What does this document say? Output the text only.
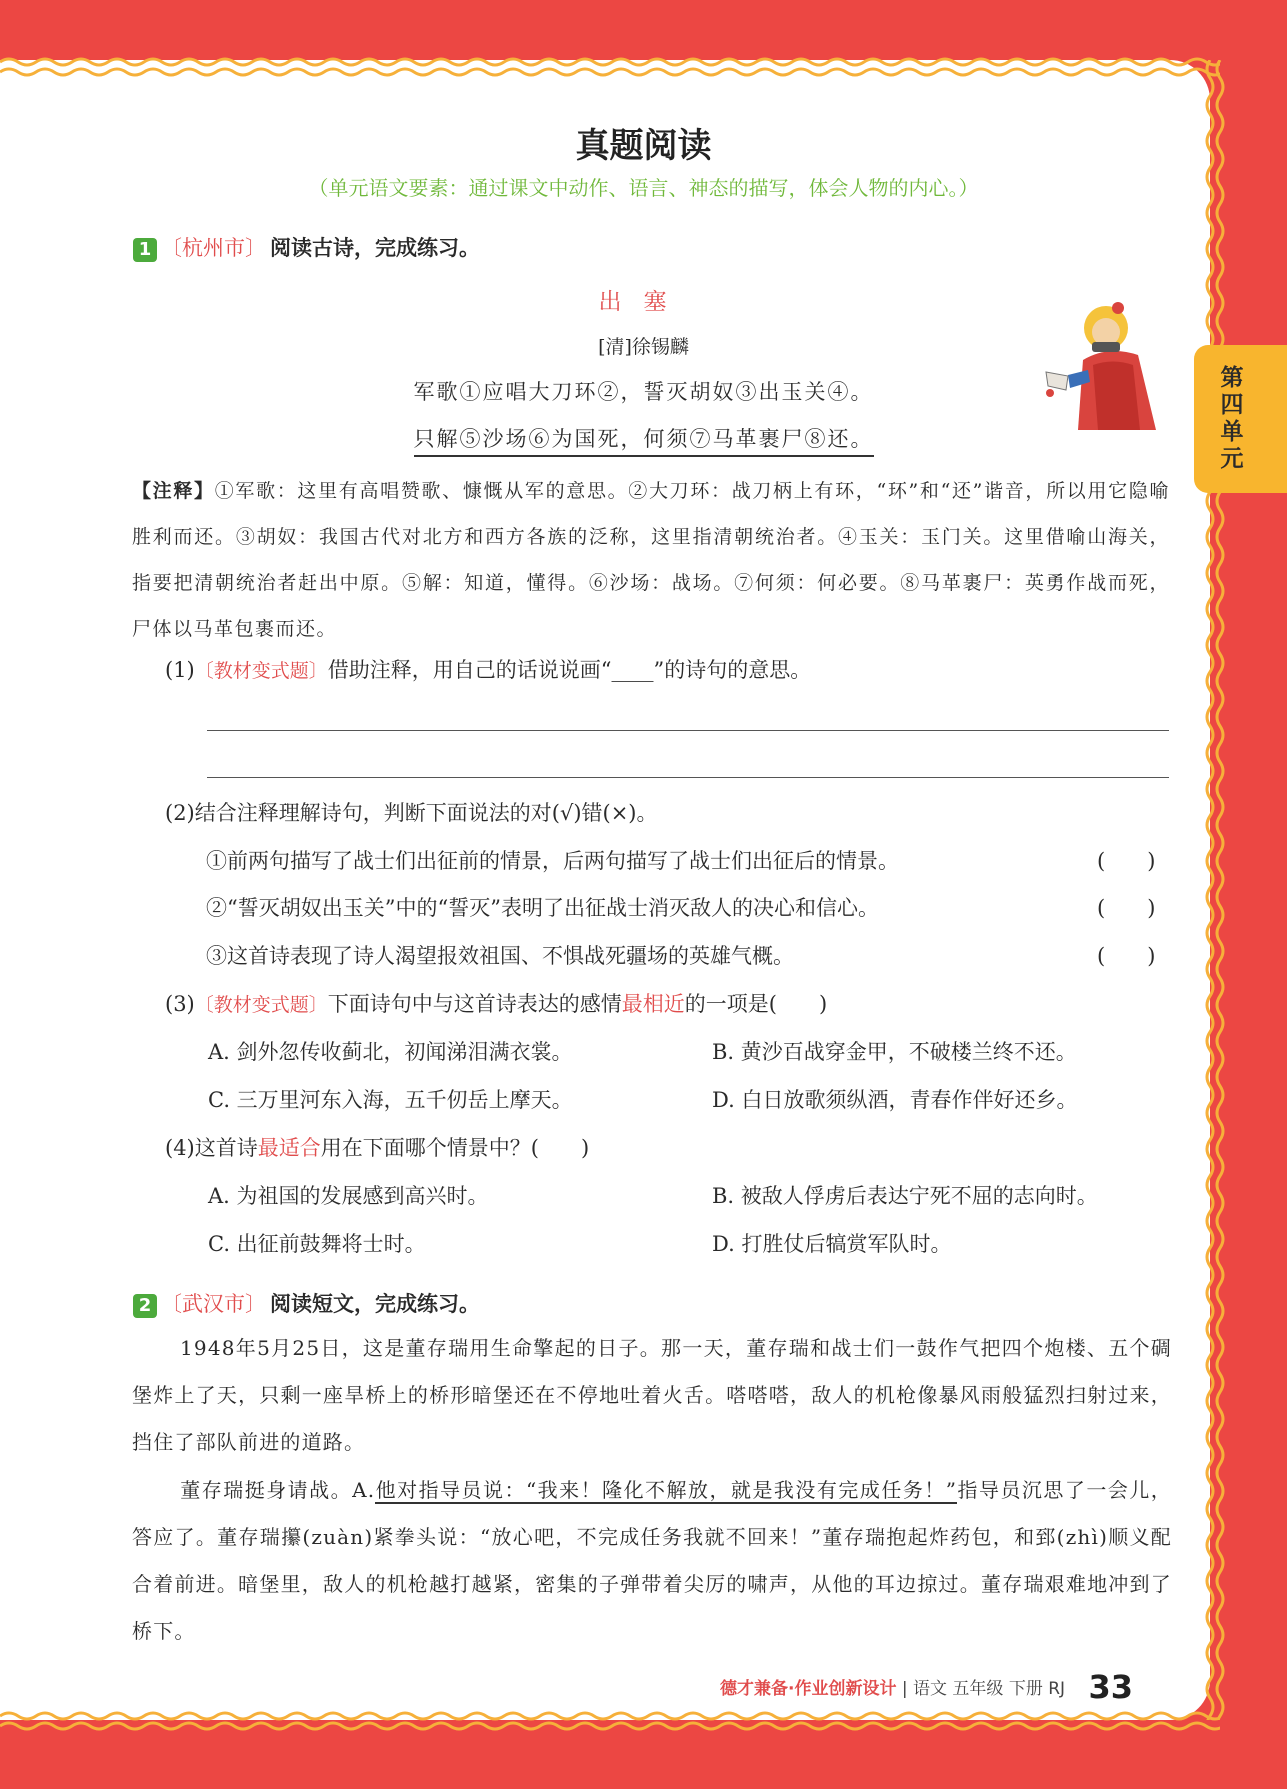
真题阅读
（单元语文要素：通过课文中动作、语言、神态的描写，体会人物的内心。）
第四单元
1 〔杭州市〕 阅读古诗，完成练习。
出塞
[清]徐锡麟
军歌①应唱大刀环②，誓灭胡奴③出玉关④。
只解⑤沙场⑥为国死，何须⑦马革裹尸⑧还。
【注释】①军歌：这里有高唱赞歌、慷慨从军的意思。②大刀环：战刀柄上有环，“环”和“还”谐音，所以用它隐喻胜利而还。③胡奴：我国古代对北方和西方各族的泛称，这里指清朝统治者。④玉关：玉门关。这里借喻山海关，指要把清朝统治者赶出中原。⑤解：知道，懂得。⑥沙场：战场。⑦何须：何必要。⑧马革裹尸：英勇作战而死，尸体以马革包裹而还。
(1)〔教材变式题〕借助注释，用自己的话说说画“____”的诗句的意思。
(2)结合注释理解诗句，判断下面说法的对(√)错(×)。
①前两句描写了战士们出征前的情景，后两句描写了战士们出征后的情景。	(　　)
②“誓灭胡奴出玉关”中的“誓灭”表明了出征战士消灭敌人的决心和信心。	(　　)
③这首诗表现了诗人渴望报效祖国、不惧战死疆场的英雄气概。	(　　)
(3)〔教材变式题〕下面诗句中与这首诗表达的感情最相近的一项是(　　)
A. 剑外忽传收蓟北，初闻涕泪满衣裳。	B. 黄沙百战穿金甲，不破楼兰终不还。
C. 三万里河东入海，五千仞岳上摩天。	D. 白日放歌须纵酒，青春作伴好还乡。
(4)这首诗最适合用在下面哪个情景中？(　　)
A. 为祖国的发展感到高兴时。	B. 被敌人俘虏后表达宁死不屈的志向时。
C. 出征前鼓舞将士时。	D. 打胜仗后犒赏军队时。
2 〔武汉市〕 阅读短文，完成练习。
1948年5月25日，这是董存瑞用生命擎起的日子。那一天，董存瑞和战士们一鼓作气把四个炮楼、五个碉堡炸上了天，只剩一座旱桥上的桥形暗堡还在不停地吐着火舌。嗒嗒嗒，敌人的机枪像暴风雨般猛烈扫射过来，挡住了部队前进的道路。
董存瑞挺身请战。A.他对指导员说：“我来！隆化不解放，就是我没有完成任务！”指导员沉思了一会儿，答应了。董存瑞攥(zuàn)紧拳头说：“放心吧，不完成任务我就不回来！”董存瑞抱起炸药包，和郅(zhì)顺义配合着前进。暗堡里，敌人的机枪越打越紧，密集的子弹带着尖厉的啸声，从他的耳边掠过。董存瑞艰难地冲到了桥下。
德才兼备·作业创新设计 | 语文 五年级 下册 RJ 33
